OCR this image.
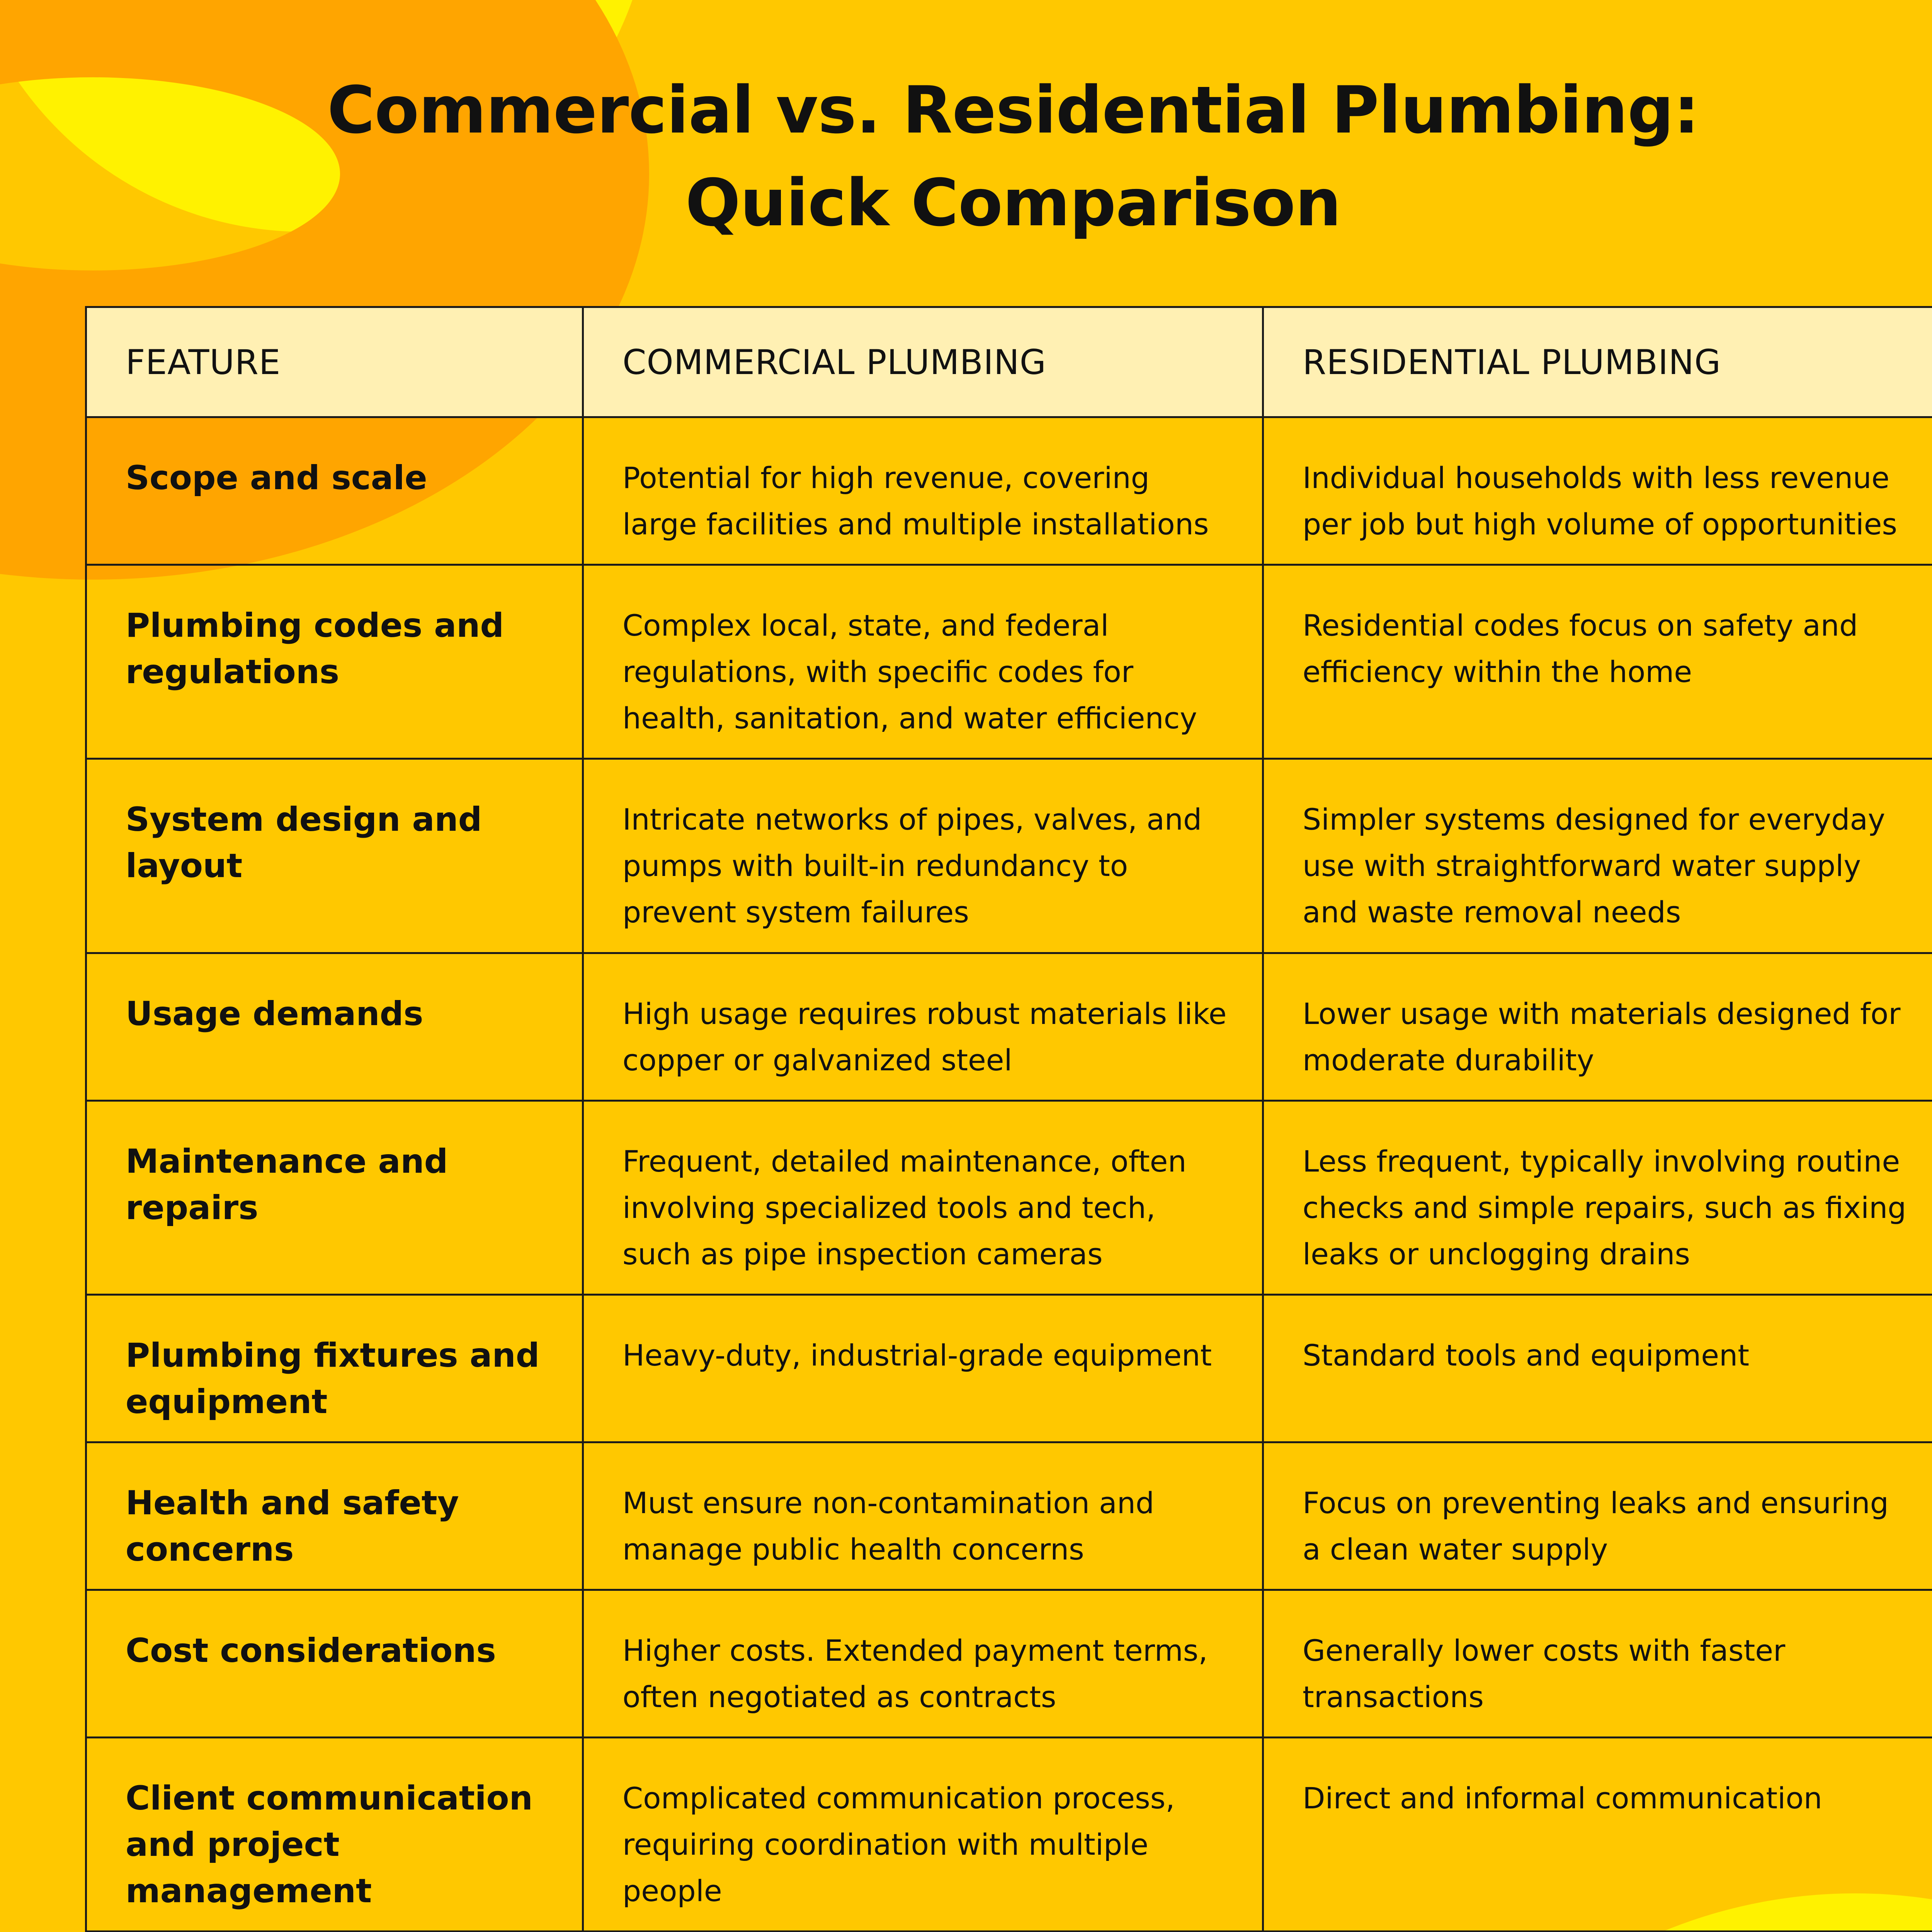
Commercial vs. Residential Plumbing:
Quick Comparison
FEATURE	COMMERCIAL PLUMBING	RESIDENTIAL PLUMBING
Scope and scale	Potential for high revenue, covering large facilities and multiple installations	Individual households with less revenue per job but high volume of opportunities
Plumbing codes and regulations	Complex local, state, and federal regulations, with specific codes for health, sanitation, and water efficiency	Residential codes focus on safety and efficiency within the home
System design and layout	Intricate networks of pipes, valves, and pumps with built-in redundancy to prevent system failures	Simpler systems designed for everyday use with straightforward water supply and waste removal needs
Usage demands	High usage requires robust materials like copper or galvanized steel	Lower usage with materials designed for moderate durability
Maintenance and repairs	Frequent, detailed maintenance, often involving specialized tools and tech, such as pipe inspection cameras	Less frequent, typically involving routine checks and simple repairs, such as fixing leaks or unclogging drains
Plumbing fixtures and equipment	Heavy-duty, industrial-grade equipment	Standard tools and equipment
Health and safety concerns	Must ensure non-contamination and manage public health concerns	Focus on preventing leaks and ensuring a clean water supply
Cost considerations	Higher costs. Extended payment terms, often negotiated as contracts	Generally lower costs with faster transactions
Client communication and project management	Complicated communication process, requiring coordination with multiple people	Direct and informal communication
